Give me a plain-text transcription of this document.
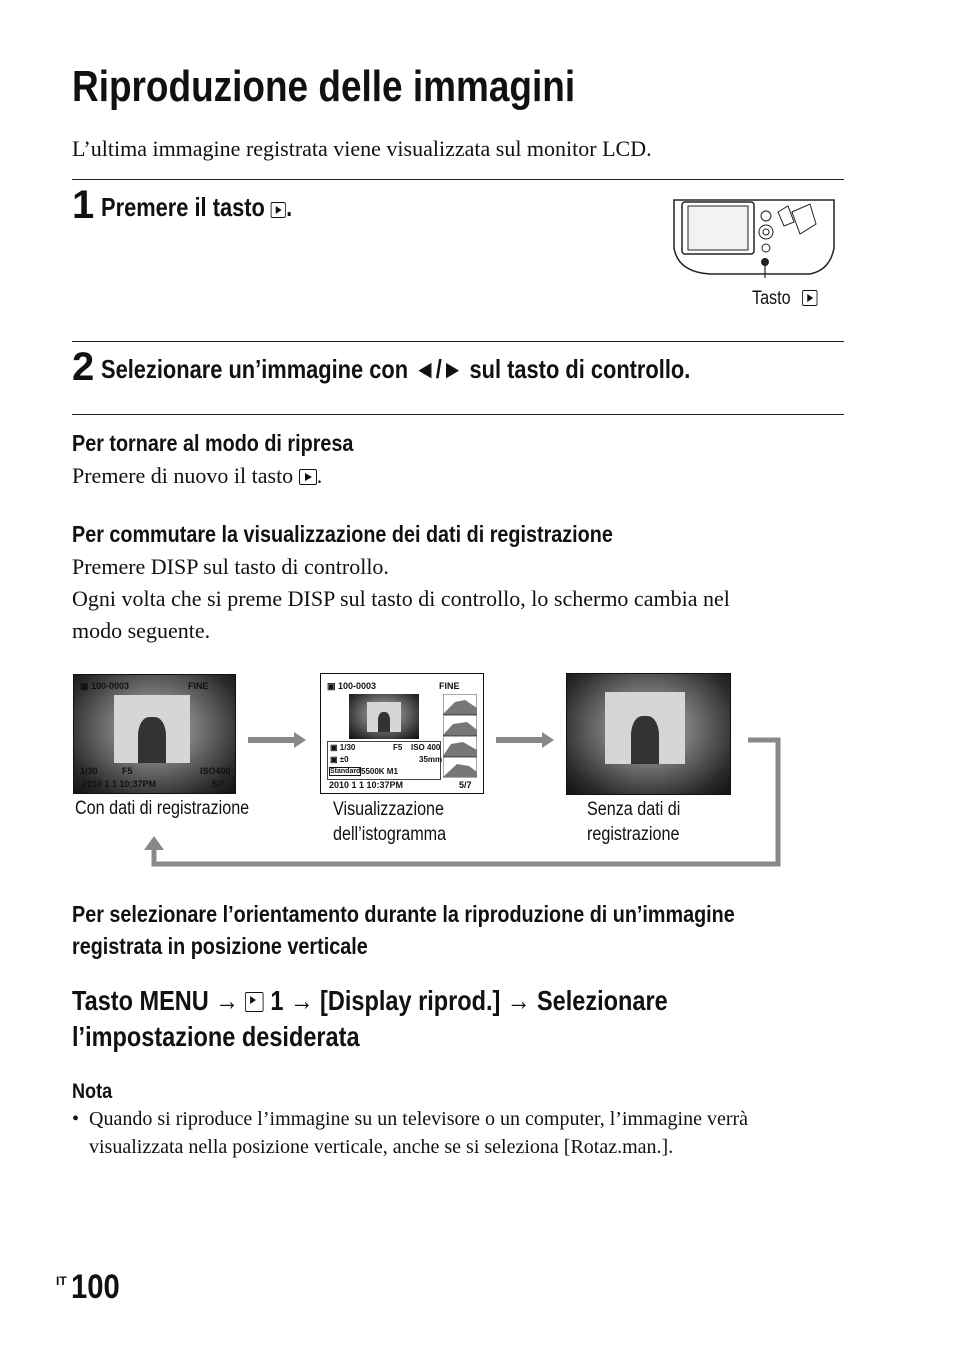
Riproduzione delle immagini
L’ultima immagine registrata viene visualizzata sul monitor LCD.
1 Premere il tasto .
Tasto
2 Selezionare un’immagine con ◄/► sul tasto di controllo.
Per tornare al modo di ripresa
Premere di nuovo il tasto .
Per commutare la visualizzazione dei dati di registrazione
Premere DISP sul tasto di controllo.
Ogni volta che si preme DISP sul tasto di controllo, lo schermo cambia nel
modo seguente.
▣ 100-0003	FINE
1/30	F5	ISO400
2010 1 1 10:37PM	5/7
Con dati di registrazione
▣ 100-0003	FINE
▣ 1/30	F5 ISO 400
▣ ±0	35mm
Standard 5500K M1
2010 1 1 10:37PM	5/7
Visualizzazione
dell’istogramma
Senza dati di
registrazione
Per selezionare l’orientamento durante la riproduzione di un’immagine
registrata in posizione verticale
Tasto MENU → 1 → [Display riprod.] → Selezionare
l’impostazione desiderata
Nota
• Quando si riproduce l’immagine su un televisore o un computer, l’immagine verrà
visualizzata nella posizione verticale, anche se si seleziona [Rotaz.man.].
IT 100
